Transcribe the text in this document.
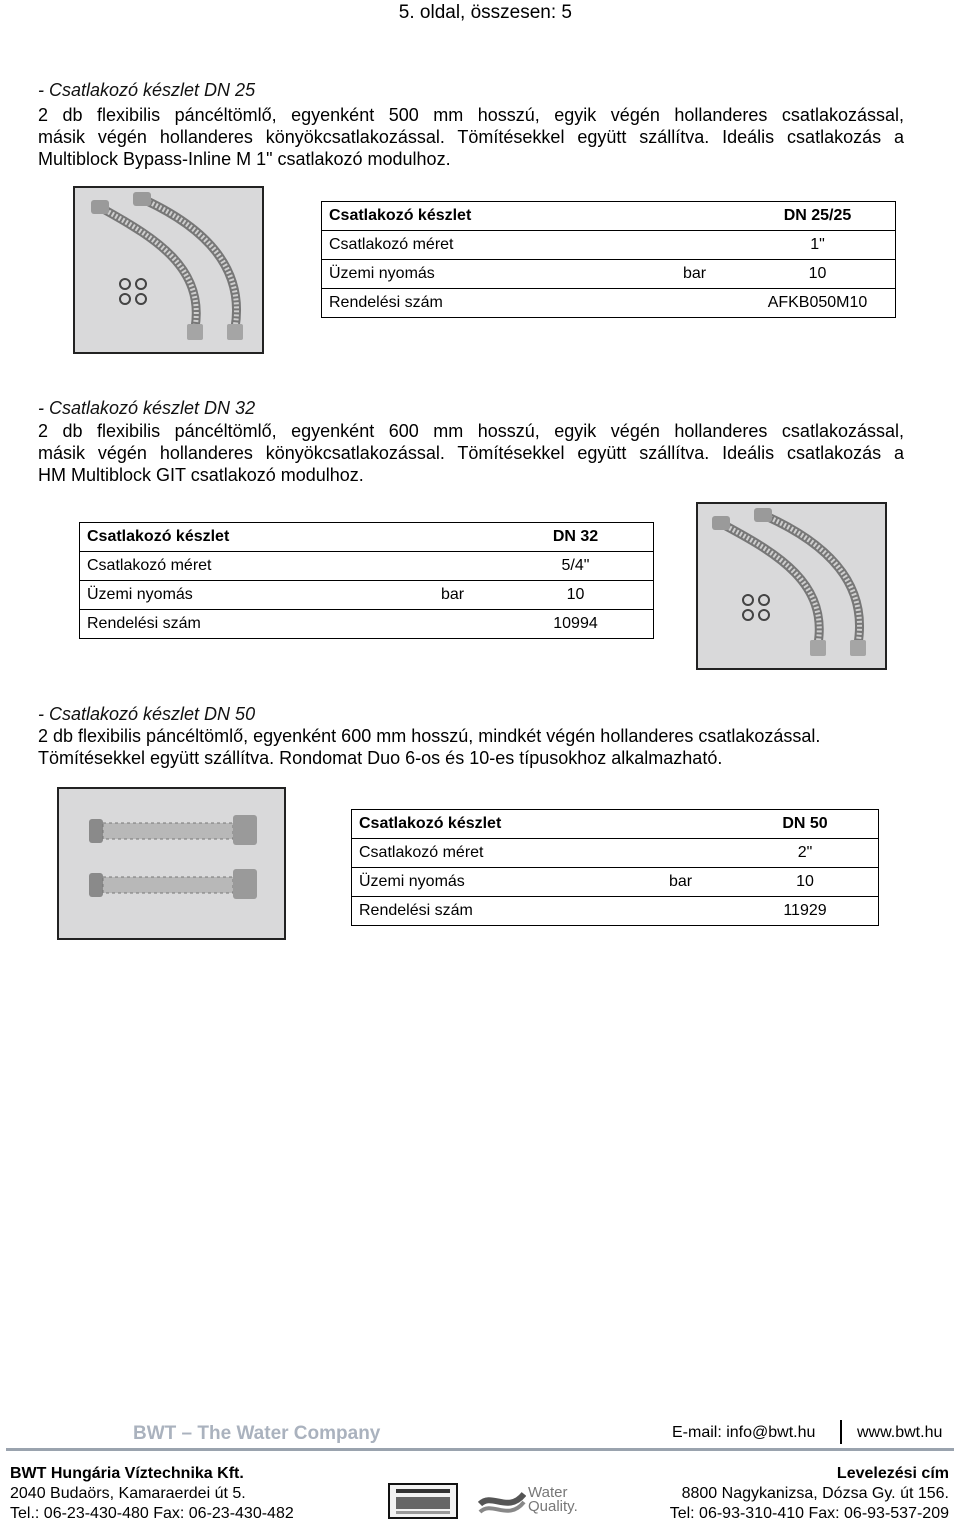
5. oldal, összesen: 5
- Csatlakozó készlet DN 25
2 db flexibilis páncéltömlő, egyenként 500 mm hosszú, egyik végén hollanderes csatlakozással,
másik végén hollanderes könyökcsatlakozással. Tömítésekkel együtt szállítva. Ideális csatlakozás a
Multiblock Bypass-Inline M 1" csatlakozó modulhoz.
Csatlakozó készlet		DN 25/25
Csatlakozó méret		1"
Üzemi nyomás	bar	10
Rendelési szám		AFKB050M10
- Csatlakozó készlet DN 32
2 db flexibilis páncéltömlő, egyenként 600 mm hosszú, egyik végén hollanderes csatlakozással,
másik végén hollanderes könyökcsatlakozással. Tömítésekkel együtt szállítva. Ideális csatlakozás a
HM Multiblock GIT csatlakozó modulhoz.
Csatlakozó készlet		DN 32
Csatlakozó méret		5/4"
Üzemi nyomás	bar	10
Rendelési szám		10994
- Csatlakozó készlet DN 50
2 db flexibilis páncéltömlő, egyenként 600 mm hosszú, mindkét végén hollanderes csatlakozással.
Tömítésekkel együtt szállítva. Rondomat Duo 6-os és 10-es típusokhoz alkalmazható.
Csatlakozó készlet		DN 50
Csatlakozó méret		2"
Üzemi nyomás	bar	10
Rendelési szám		11929
BWT – The Water Company	E-mail: info@bwt.hu	www.bwt.hu
BWT Hungária Víztechnika Kft.
2040 Budaörs, Kamaraerdei út 5.
Tel.: 06-23-430-480 Fax: 06-23-430-482
Water
Quality.
Levelezési cím
8800 Nagykanizsa, Dózsa Gy. út 156.
Tel: 06-93-310-410 Fax: 06-93-537-209
